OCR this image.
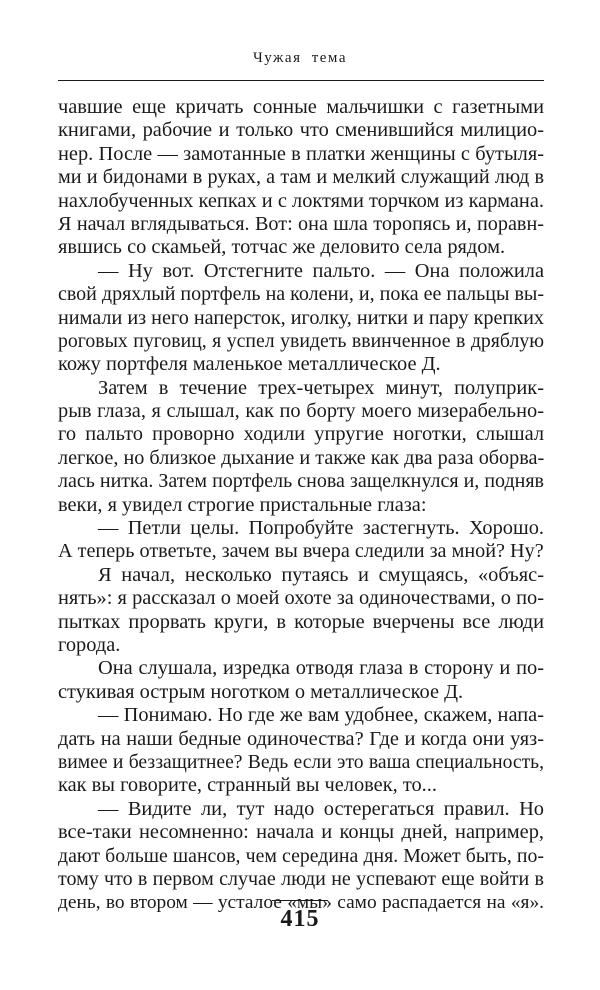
Чужая тема
чавшие еще кричать сонные мальчишки с газетными
книгами, рабочие и только что сменившийся милицио-
нер. После — замотанные в платки женщины с бутыля-
ми и бидонами в руках, а там и мелкий служащий люд в
нахлобученных кепках и с локтями торчком из кармана.
Я начал вглядываться. Вот: она шла торопясь и, поравн-
явшись со скамьей, тотчас же деловито села рядом.
— Ну вот. Отстегните пальто. — Она положила
свой дряхлый портфель на колени, и, пока ее пальцы вы-
нимали из него наперсток, иголку, нитки и пару крепких
роговых пуговиц, я успел увидеть ввинченное в дряблую
кожу портфеля маленькое металлическое Д.
Затем в течение трех-четырех минут, полуприк-
рыв глаза, я слышал, как по борту моего мизерабельно-
го пальто проворно ходили упругие ноготки, слышал
легкое, но близкое дыхание и также как два раза оборва-
лась нитка. Затем портфель снова защелкнулся и, подняв
веки, я увидел строгие пристальные глаза:
— Петли целы. Попробуйте застегнуть. Хорошо.
А теперь ответьте, зачем вы вчера следили за мной? Ну?
Я начал, несколько путаясь и смущаясь, «объяс-
нять»: я рассказал о моей охоте за одиночествами, о по-
пытках прорвать круги, в которые вчерчены все люди
города.
Она слушала, изредка отводя глаза в сторону и по-
стукивая острым ноготком о металлическое Д.
— Понимаю. Но где же вам удобнее, скажем, напа-
дать на наши бедные одиночества? Где и когда они уяз-
вимее и беззащитнее? Ведь если это ваша специальность,
как вы говорите, странный вы человек, то...
— Видите ли, тут надо остерегаться правил. Но
все-таки несомненно: начала и концы дней, например,
дают больше шансов, чем середина дня. Может быть, по-
тому что в первом случае люди не успевают еще войти в
день, во втором — усталое «мы» само распадается на «я».
415
